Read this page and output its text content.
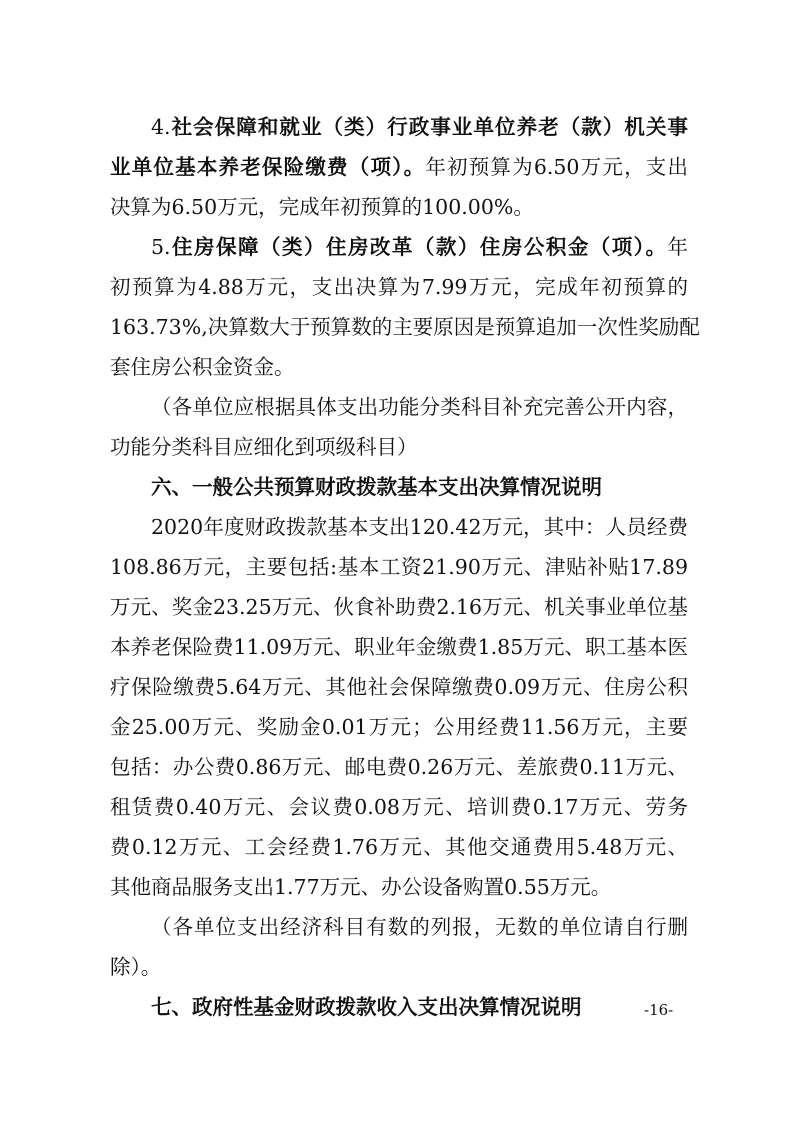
4.社会保障和就业（类）行政事业单位养老（款）机关事
业单位基本养老保险缴费（项）。年初预算为6.50万元，支出
决算为6.50万元，完成年初预算的100.00%。
5.住房保障（类）住房改革（款）住房公积金（项）。年
初预算为4.88万元，支出决算为7.99万元，完成年初预算的
163.73%,决算数大于预算数的主要原因是预算追加一次性奖励配
套住房公积金资金。
（各单位应根据具体支出功能分类科目补充完善公开内容，
功能分类科目应细化到项级科目）
六、一般公共预算财政拨款基本支出决算情况说明
2020年度财政拨款基本支出120.42万元，其中：人员经费
108.86万元，主要包括:基本工资21.90万元、津贴补贴17.89
万元、奖金23.25万元、伙食补助费2.16万元、机关事业单位基
本养老保险费11.09万元、职业年金缴费1.85万元、职工基本医
疗保险缴费5.64万元、其他社会保障缴费0.09万元、住房公积
金25.00万元、奖励金0.01万元；公用经费11.56万元，主要
包括：办公费0.86万元、邮电费0.26万元、差旅费0.11万元、
租赁费0.40万元、会议费0.08万元、培训费0.17万元、劳务
费0.12万元、工会经费1.76万元、其他交通费用5.48万元、
其他商品服务支出1.77万元、办公设备购置0.55万元。
（各单位支出经济科目有数的列报，无数的单位请自行删
除）。
七、政府性基金财政拨款收入支出决算情况说明	-16-
